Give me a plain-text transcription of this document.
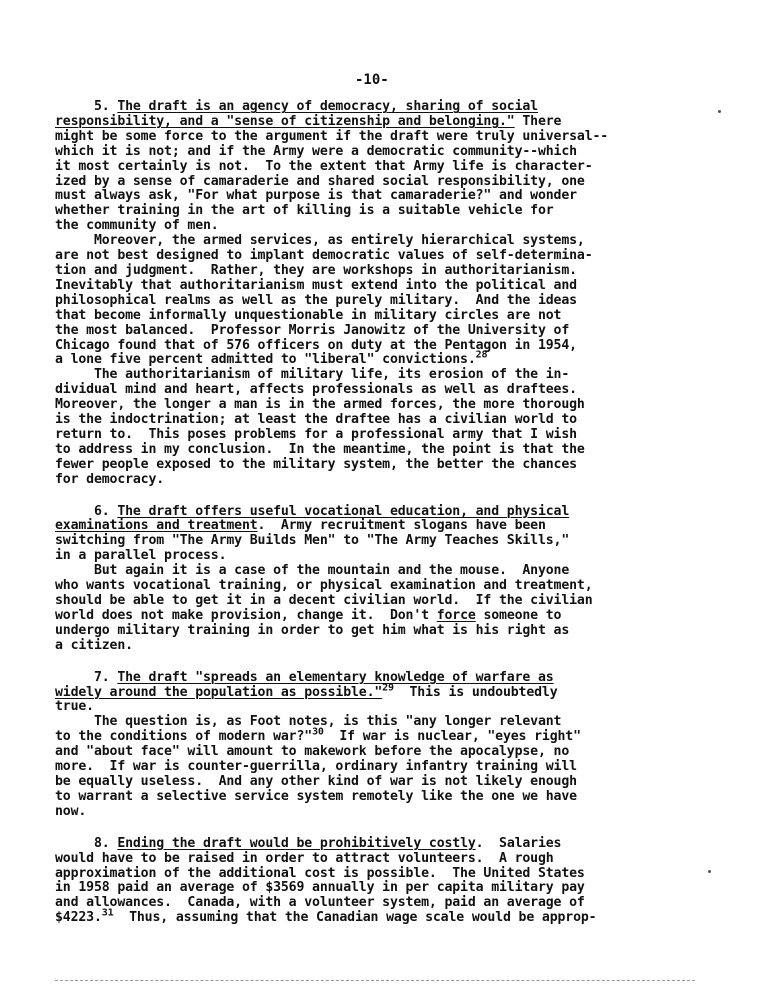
-10-
5. The draft is an agency of democracy, sharing of social
responsibility, and a "sense of citizenship and belonging." There
might be some force to the argument if the draft were truly universal--
which it is not; and if the Army were a democratic community--which
it most certainly is not.  To the extent that Army life is character-
ized by a sense of camaraderie and shared social responsibility, one
must always ask, "For what purpose is that camaraderie?" and wonder
whether training in the art of killing is a suitable vehicle for
the community of men.
Moreover, the armed services, as entirely hierarchical systems,
are not best designed to implant democratic values of self-determina-
tion and judgment.  Rather, they are workshops in authoritarianism.
Inevitably that authoritarianism must extend into the political and
philosophical realms as well as the purely military.  And the ideas
that become informally unquestionable in military circles are not
the most balanced.  Professor Morris Janowitz of the University of
Chicago found that of 576 officers on duty at the Pentagon in 1954,
a lone five percent admitted to "liberal" convictions.$^{28}$
The authoritarianism of military life, its erosion of the in-
dividual mind and heart, affects professionals as well as draftees.
Moreover, the longer a man is in the armed forces, the more thorough
is the indoctrination; at least the draftee has a civilian world to
return to.  This poses problems for a professional army that I wish
to address in my conclusion.  In the meantime, the point is that the
fewer people exposed to the military system, the better the chances
for democracy.
6. The draft offers useful vocational education, and physical
examinations and treatment.  Army recruitment slogans have been
switching from "The Army Builds Men" to "The Army Teaches Skills,"
in a parallel process.
But again it is a case of the mountain and the mouse.  Anyone
who wants vocational training, or physical examination and treatment,
should be able to get it in a decent civilian world.  If the civilian
world does not make provision, change it.  Don't force someone to
undergo military training in order to get him what is his right as
a citizen.
7. The draft "spreads an elementary knowledge of warfare as
widely around the population as possible."$^{29}$  This is undoubtedly
true.
The question is, as Foot notes, is this "any longer relevant
to the conditions of modern war?"$^{30}$  If war is nuclear, "eyes right"
and "about face" will amount to makework before the apocalypse, no
more.  If war is counter-guerrilla, ordinary infantry training will
be equally useless.  And any other kind of war is not likely enough
to warrant a selective service system remotely like the one we have
now.
8. Ending the draft would be prohibitively costly.  Salaries
would have to be raised in order to attract volunteers.  A rough
approximation of the additional cost is possible.  The United States
in 1958 paid an average of $3569 annually in per capita military pay
and allowances.  Canada, with a volunteer system, paid an average of
$4223.31  Thus, assuming that the Canadian wage scale would be approp-
